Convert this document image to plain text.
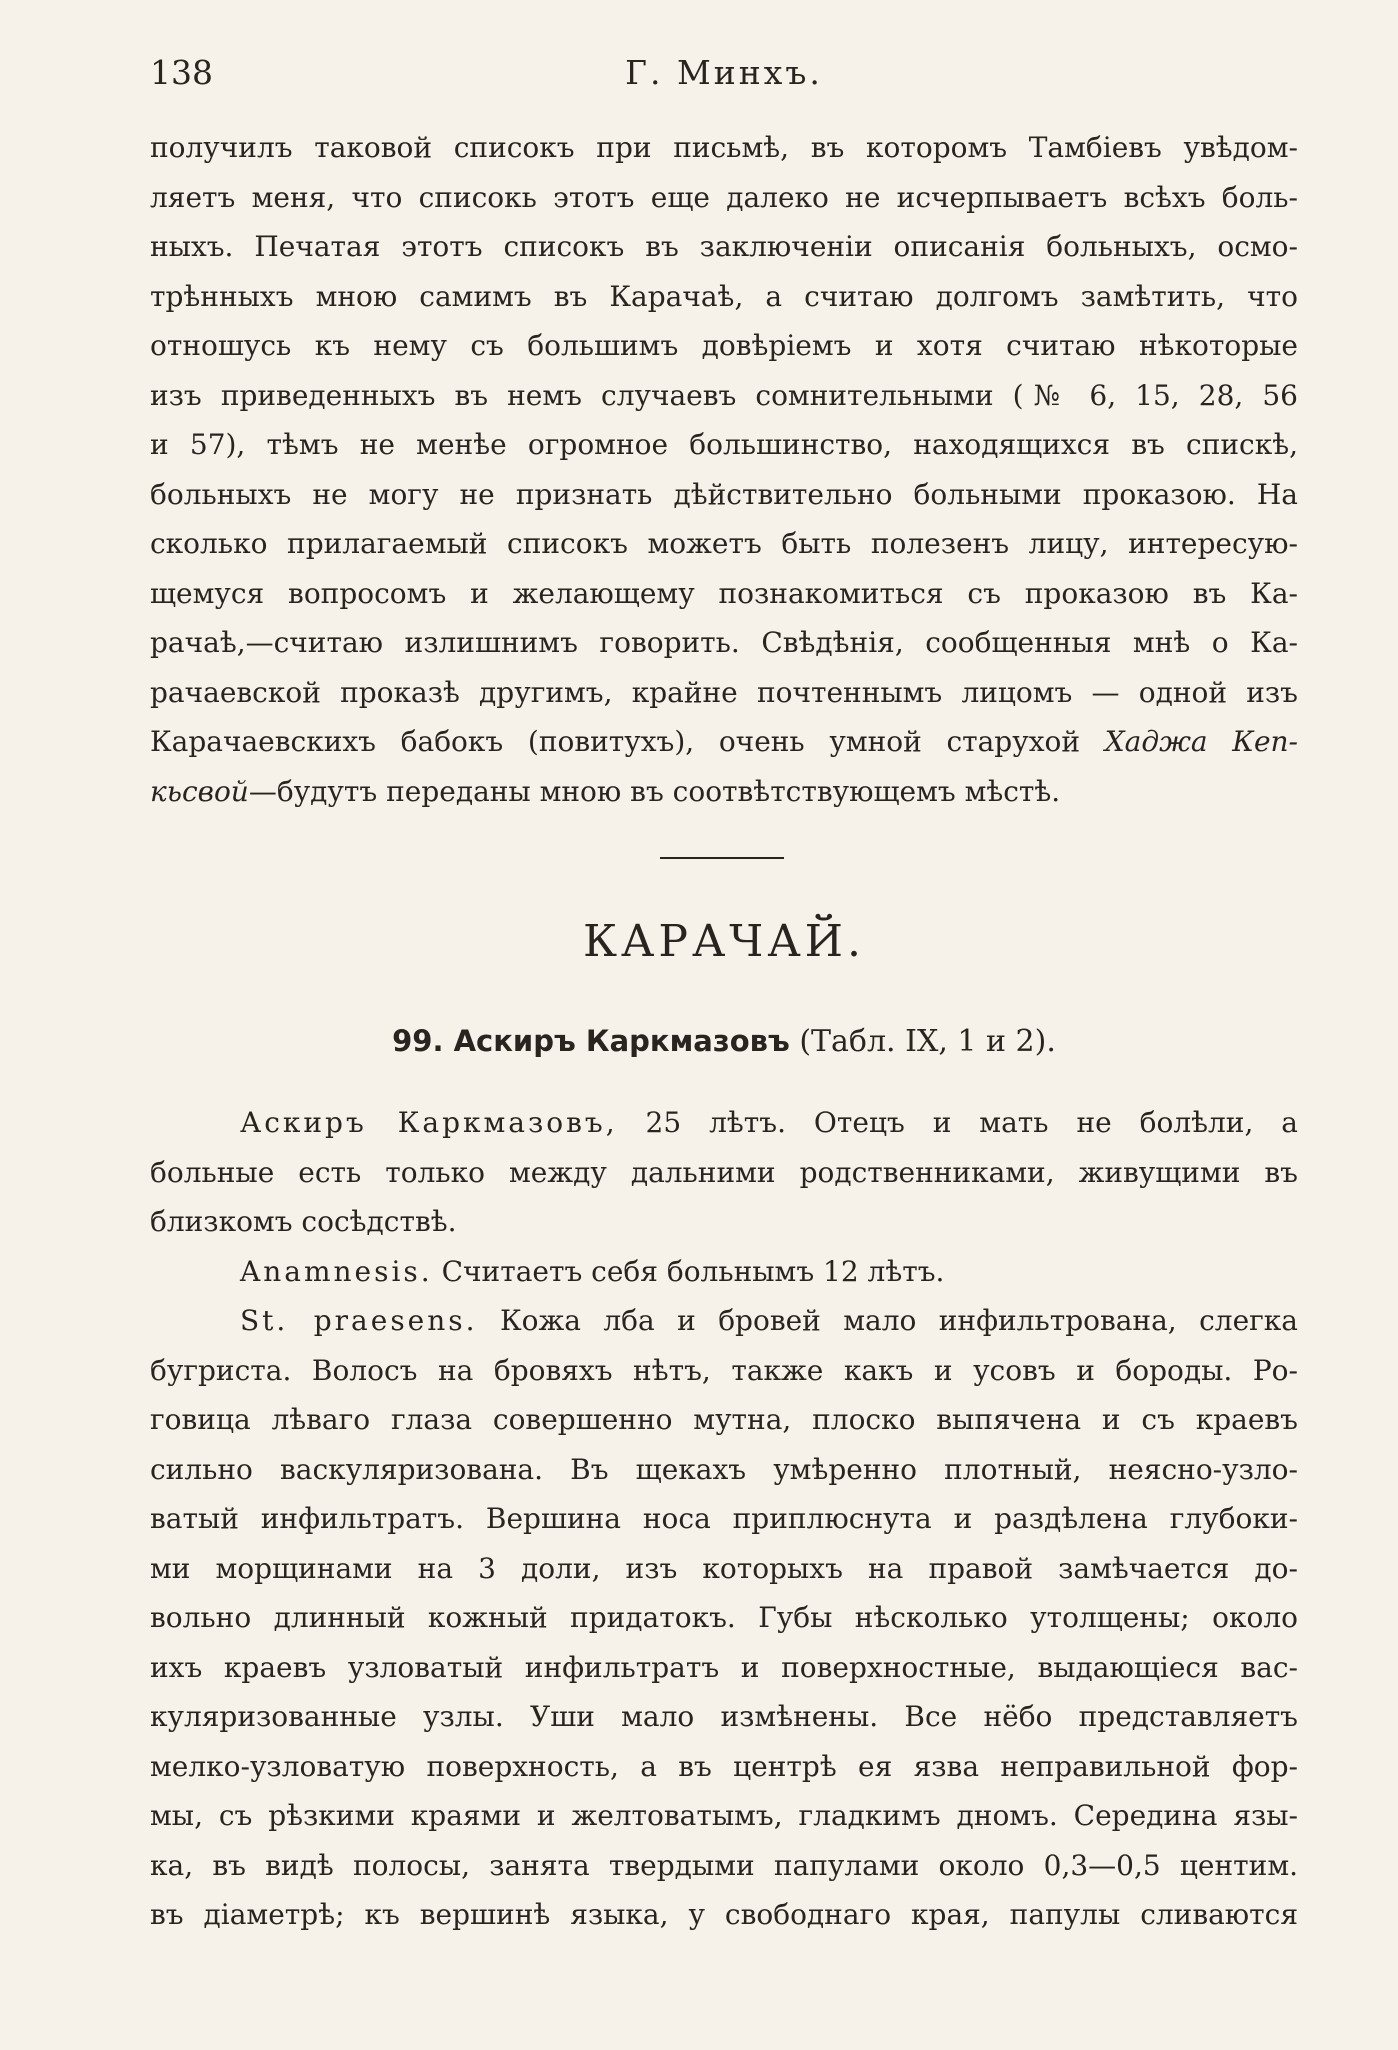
138	Г. Минхъ.
получилъ таковой списокъ при письмѣ, въ которомъ Тамбіевъ увѣдом-
ляетъ меня, что списокь этотъ еще далеко не исчерпываетъ всѣхъ боль-
ныхъ. Печатая этотъ списокъ въ заключеніи описанія больныхъ, осмо-
трѣнныхъ мною самимъ въ Карачаѣ, а считаю долгомъ замѣтить, что
отношусь къ нему съ большимъ довѣріемъ и хотя считаю нѣкоторые
изъ приведенныхъ въ немъ случаевъ сомнительными (№ 6, 15, 28, 56
и 57), тѣмъ не менѣе огромное большинство, находящихся въ спискѣ,
больныхъ не могу не признать дѣйствительно больными проказою. На
сколько прилагаемый списокъ можетъ быть полезенъ лицу, интересую-
щемуся вопросомъ и желающему познакомиться съ проказою въ Ка-
рачаѣ,—считаю излишнимъ говорить. Свѣдѣнія, сообщенныя мнѣ о Ка-
рачаевской проказѣ другимъ, крайне почтеннымъ лицомъ — одной изъ
Карачаевскихъ бабокъ (повитухъ), очень умной старухой Хаджа Кеп-
кьсвой—будутъ переданы мною въ соотвѣтствующемъ мѣстѣ.
КАРАЧАЙ.
99. Аскиръ Каркмазовъ (Табл. IX, 1 и 2).
Аскиръ Каркмазовъ, 25 лѣтъ. Отецъ и мать не болѣли, а
больные есть только между дальними родственниками, живущими въ
близкомъ сосѣдствѣ.
Anamnesis. Считаетъ себя больнымъ 12 лѣтъ.
St. praesens. Кожа лба и бровей мало инфильтрована, слегка
бугриста. Волосъ на бровяхъ нѣтъ, также какъ и усовъ и бороды. Ро-
говица лѣваго глаза совершенно мутна, плоско выпячена и съ краевъ
сильно васкуляризована. Въ щекахъ умѣренно плотный, неясно-узло-
ватый инфильтратъ. Вершина носа приплюснута и раздѣлена глубоки-
ми морщинами на 3 доли, изъ которыхъ на правой замѣчается до-
вольно длинный кожный придатокъ. Губы нѣсколько утолщены; около
ихъ краевъ узловатый инфильтратъ и поверхностные, выдающіеся вас-
куляризованные узлы. Уши мало измѣнены. Все нёбо представляетъ
мелко-узловатую поверхность, а въ центрѣ ея язва неправильной фор-
мы, съ рѣзкими краями и желтоватымъ, гладкимъ дномъ. Середина язы-
ка, въ видѣ полосы, занята твердыми папулами около 0,3—0,5 центим.
въ діаметрѣ; къ вершинѣ языка, у свободнаго края, папулы сливаются
